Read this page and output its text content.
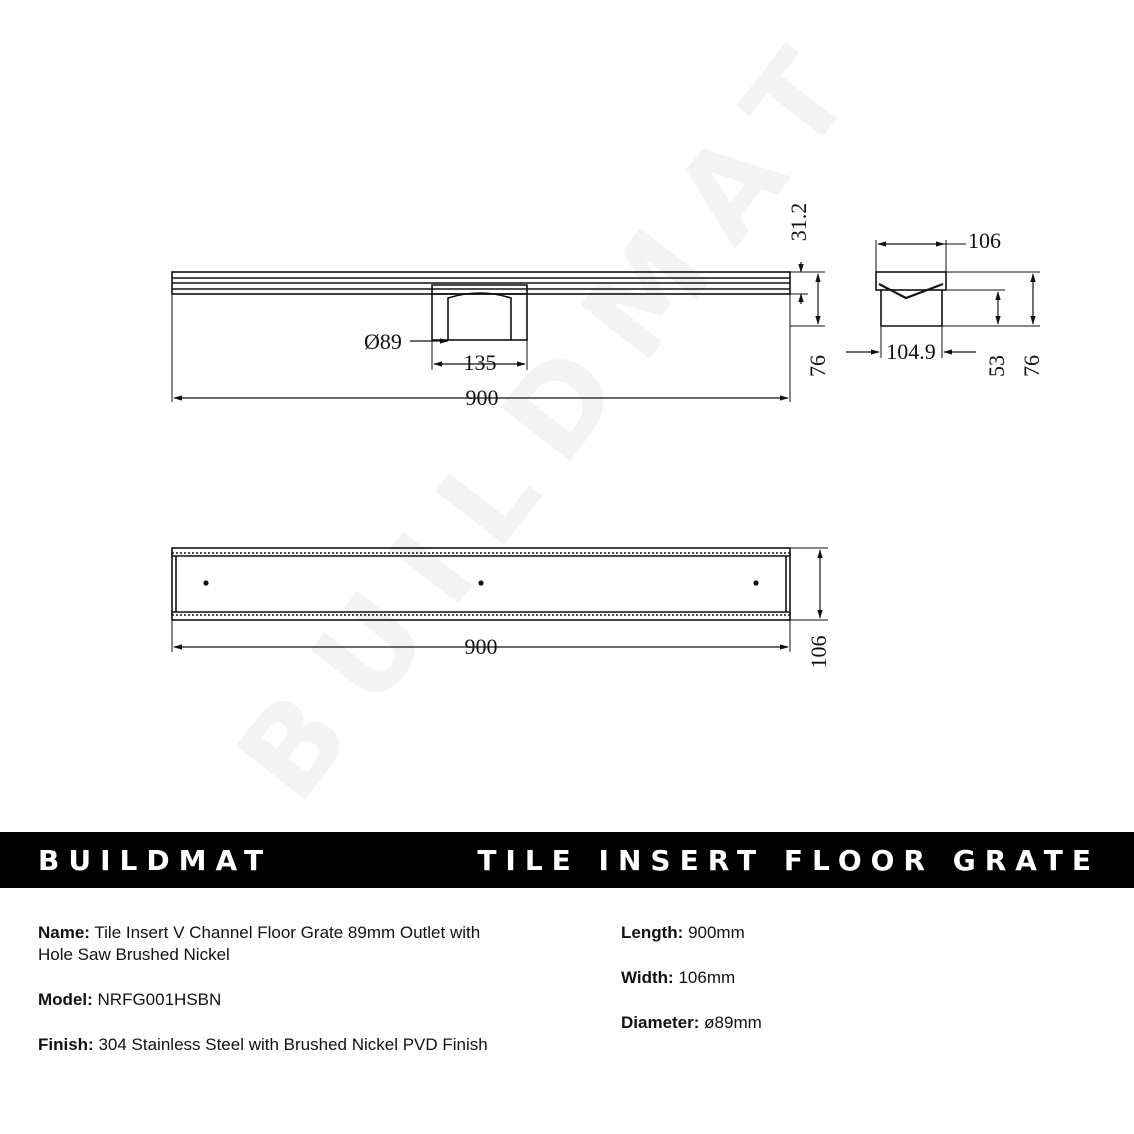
Ø89
135
900
31.2
76
106
104.9
53 76
900	106
BUILDMAT	TILE INSERT FLOOR GRATE
Name: Tile Insert V Channel Floor Grate 89mm Outlet with Hole Saw Brushed Nickel
Model: NRFG001HSBN
Finish: 304 Stainless Steel with Brushed Nickel PVD Finish
Length: 900mm
Width: 106mm
Diameter: ø89mm
